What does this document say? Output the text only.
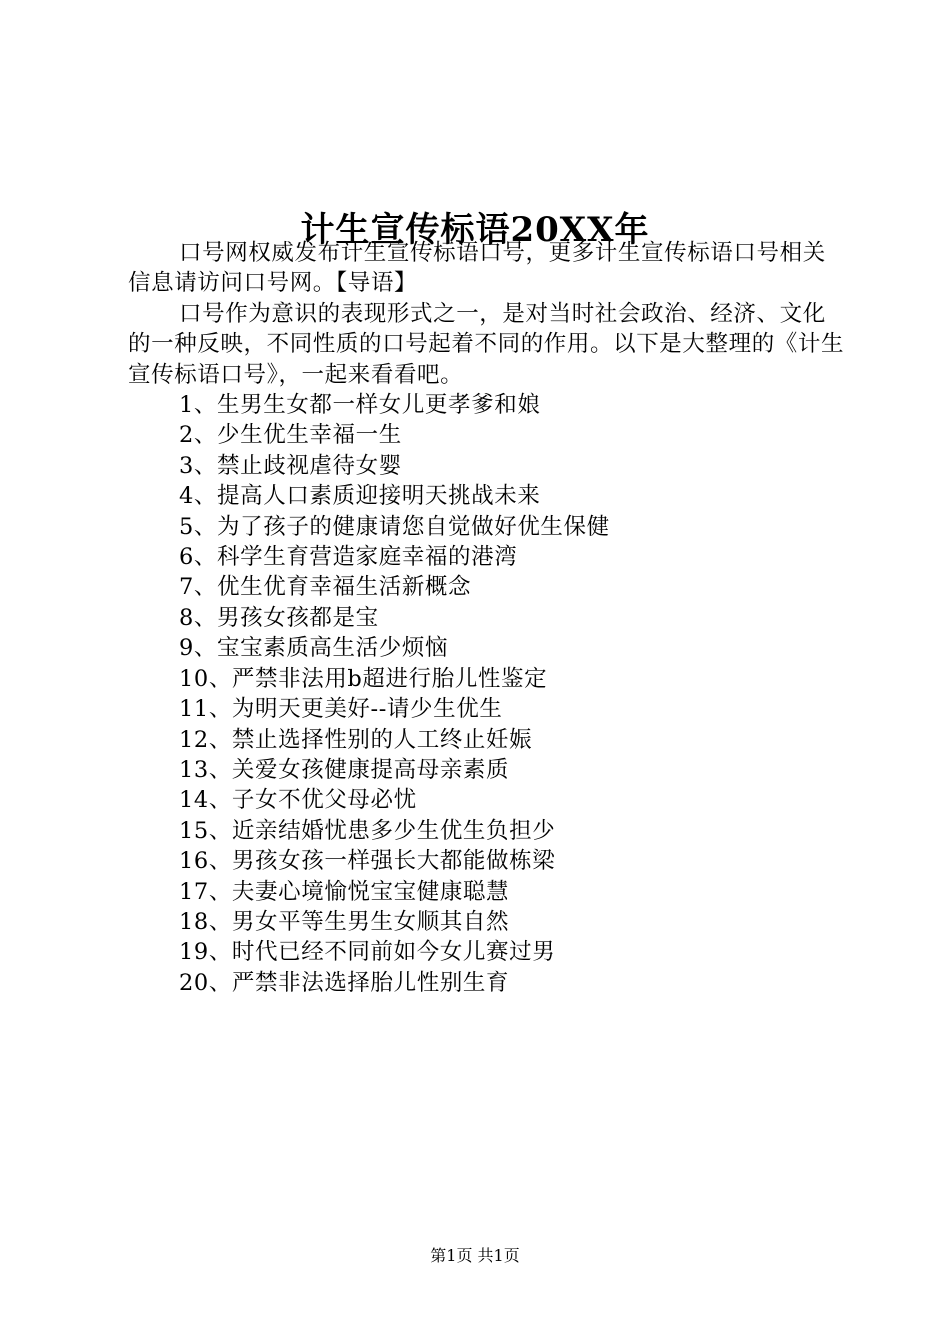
计生宣传标语20XX年

口号网权威发布计生宣传标语口号，更多计生宣传标语口号相关信息请访问口号网。【导语】

口号作为意识的表现形式之一，是对当时社会政治、经济、文化的一种反映，不同性质的口号起着不同的作用。以下是大整理的《计生宣传标语口号》，一起来看看吧。

1、生男生女都一样女儿更孝爹和娘
2、少生优生幸福一生
3、禁止歧视虐待女婴
4、提高人口素质迎接明天挑战未来
5、为了孩子的健康请您自觉做好优生保健
6、科学生育营造家庭幸福的港湾
7、优生优育幸福生活新概念
8、男孩女孩都是宝
9、宝宝素质高生活少烦恼
10、严禁非法用b超进行胎儿性鉴定
11、为明天更美好--请少生优生
12、禁止选择性别的人工终止妊娠
13、关爱女孩健康提高母亲素质
14、子女不优父母必忧
15、近亲结婚忧患多少生优生负担少
16、男孩女孩一样强长大都能做栋梁
17、夫妻心境愉悦宝宝健康聪慧
18、男女平等生男生女顺其自然
19、时代已经不同前如今女儿赛过男
20、严禁非法选择胎儿性别生育
第1页 共1页
